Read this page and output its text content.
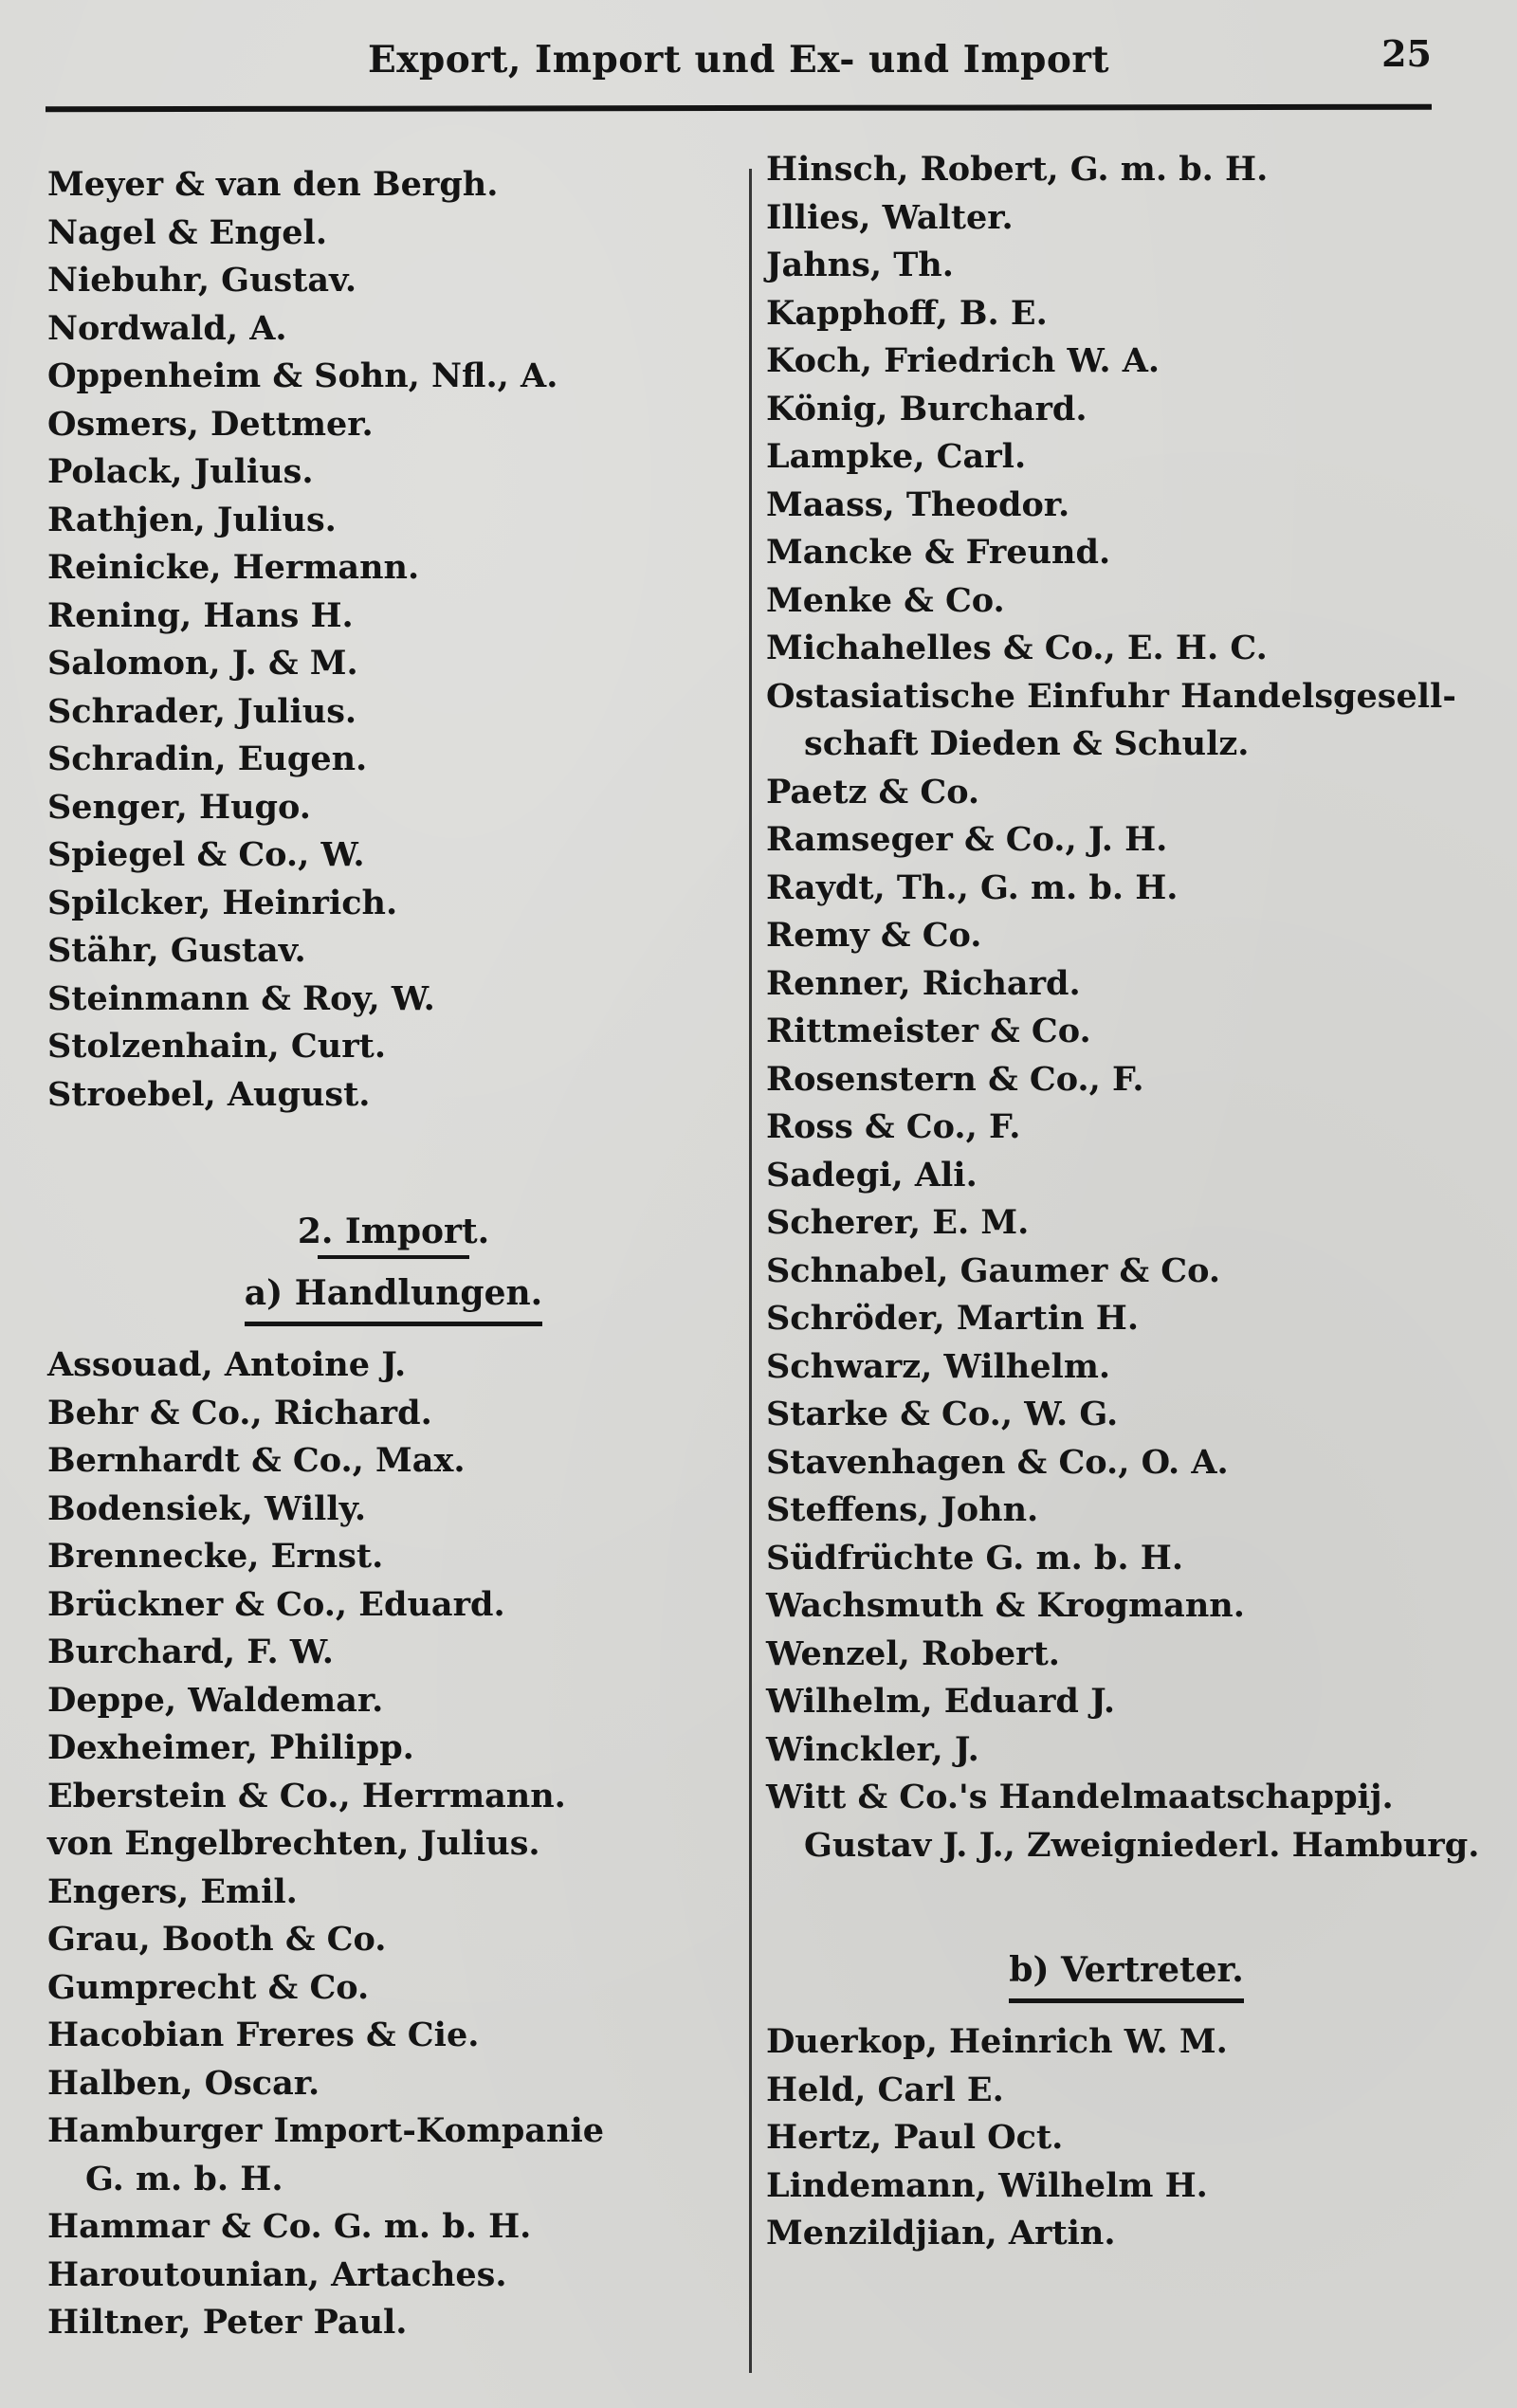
Export, Import und Ex- und Import	25
Meyer & van den Bergh.
Nagel & Engel.
Niebuhr, Gustav.
Nordwald, A.
Oppenheim & Sohn, Nfl., A.
Osmers, Dettmer.
Polack, Julius.
Rathjen, Julius.
Reinicke, Hermann.
Rening, Hans H.
Salomon, J. & M.
Schrader, Julius.
Schradin, Eugen.
Senger, Hugo.
Spiegel & Co., W.
Spilcker, Heinrich.
Stähr, Gustav.
Steinmann & Roy, W.
Stolzenhain, Curt.
Stroebel, August.
2. Import.
a) Handlungen.
Assouad, Antoine J.
Behr & Co., Richard.
Bernhardt & Co., Max.
Bodensiek, Willy.
Brennecke, Ernst.
Brückner & Co., Eduard.
Burchard, F. W.
Deppe, Waldemar.
Dexheimer, Philipp.
Eberstein & Co., Herrmann.
von Engelbrechten, Julius.
Engers, Emil.
Grau, Booth & Co.
Gumprecht & Co.
Hacobian Freres & Cie.
Halben, Oscar.
Hamburger Import-Kompanie
G. m. b. H.
Hammar & Co. G. m. b. H.
Haroutounian, Artaches.
Hiltner, Peter Paul.
Hinsch, Robert, G. m. b. H.
Illies, Walter.
Jahns, Th.
Kapphoff, B. E.
Koch, Friedrich W. A.
König, Burchard.
Lampke, Carl.
Maass, Theodor.
Mancke & Freund.
Menke & Co.
Michahelles & Co., E. H. C.
Ostasiatische Einfuhr Handelsgesell-
schaft Dieden & Schulz.
Paetz & Co.
Ramseger & Co., J. H.
Raydt, Th., G. m. b. H.
Remy & Co.
Renner, Richard.
Rittmeister & Co.
Rosenstern & Co., F.
Ross & Co., F.
Sadegi, Ali.
Scherer, E. M.
Schnabel, Gaumer & Co.
Schröder, Martin H.
Schwarz, Wilhelm.
Starke & Co., W. G.
Stavenhagen & Co., O. A.
Steffens, John.
Südfrüchte G. m. b. H.
Wachsmuth & Krogmann.
Wenzel, Robert.
Wilhelm, Eduard J.
Winckler, J.
Witt & Co.'s Handelmaatschappij.
Gustav J. J., Zweigniederl. Hamburg.
b) Vertreter.
Duerkop, Heinrich W. M.
Held, Carl E.
Hertz, Paul Oct.
Lindemann, Wilhelm H.
Menzildjian, Artin.
